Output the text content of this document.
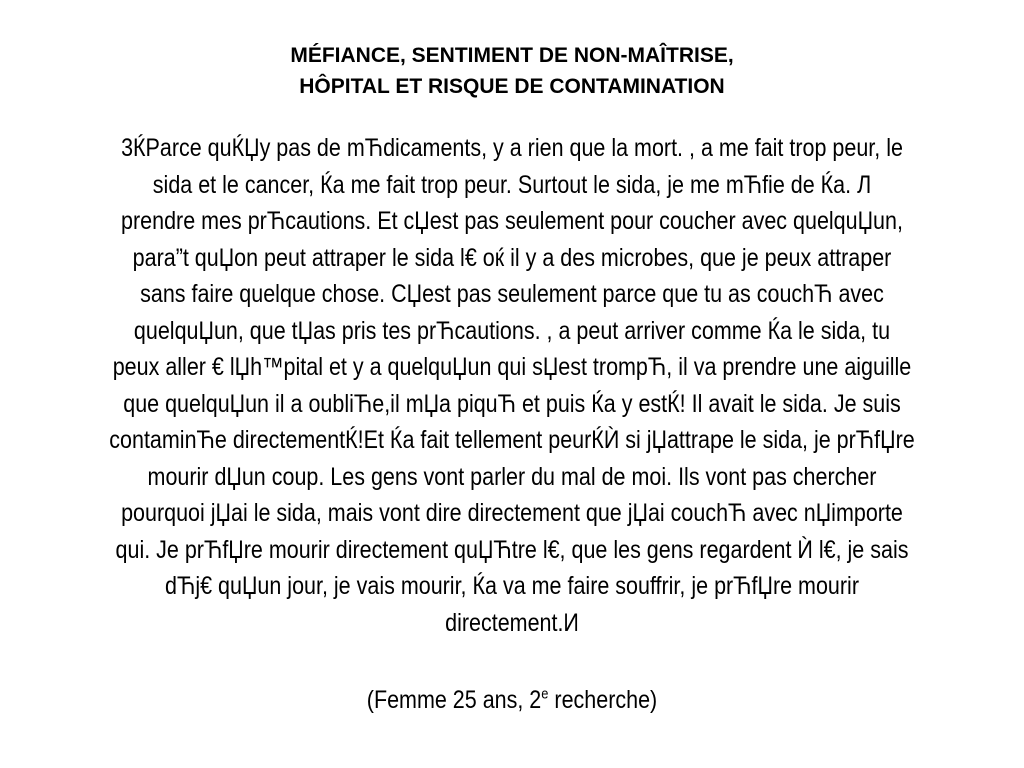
MÉFIANCE, SENTIMENT DE NON-MAÎTRISE,
HÔPITAL ET RISQUE DE CONTAMINATION
3ЌParce quЌЏy pas de mЋdicaments, y a rien que la mort. , a me fait trop peur, le
sida et le cancer, Ќa me fait trop peur. Surtout le sida, je me mЋfie de Ќa. Л
prendre mes prЋcautions. Et cЏest pas seulement pour coucher avec quelquЏun,
para”t quЏon peut attraper le sida l€ oќ il y a des microbes, que je peux attraper
sans faire quelque chose. CЏest pas seulement parce que tu as couchЋ avec
quelquЏun, que tЏas pris tes prЋcautions. , a peut arriver comme Ќa le sida, tu
peux aller € lЏh™pital et y a quelquЏun qui sЏest trompЋ, il va prendre une aiguille
que quelquЏun il a oubliЋe,il mЏa piquЋ et puis Ќa y estЌ! Il avait le sida. Je suis
contaminЋe directementЌ!Et Ќa fait tellement peurЌЍ si jЏattrape le sida, je prЋfЏre
mourir dЏun coup. Les gens vont parler du mal de moi. Ils vont pas chercher
pourquoi jЏai le sida, mais vont dire directement que jЏai couchЋ avec nЏimporte
qui. Je prЋfЏre mourir directement quЏЋtre l€, que les gens regardent Ѝ l€, je sais
dЋj€ quЏun jour, je vais mourir, Ќa va me faire souffrir, je prЋfЏre mourir
directement.И

(Femme 25 ans, 2e recherche)
